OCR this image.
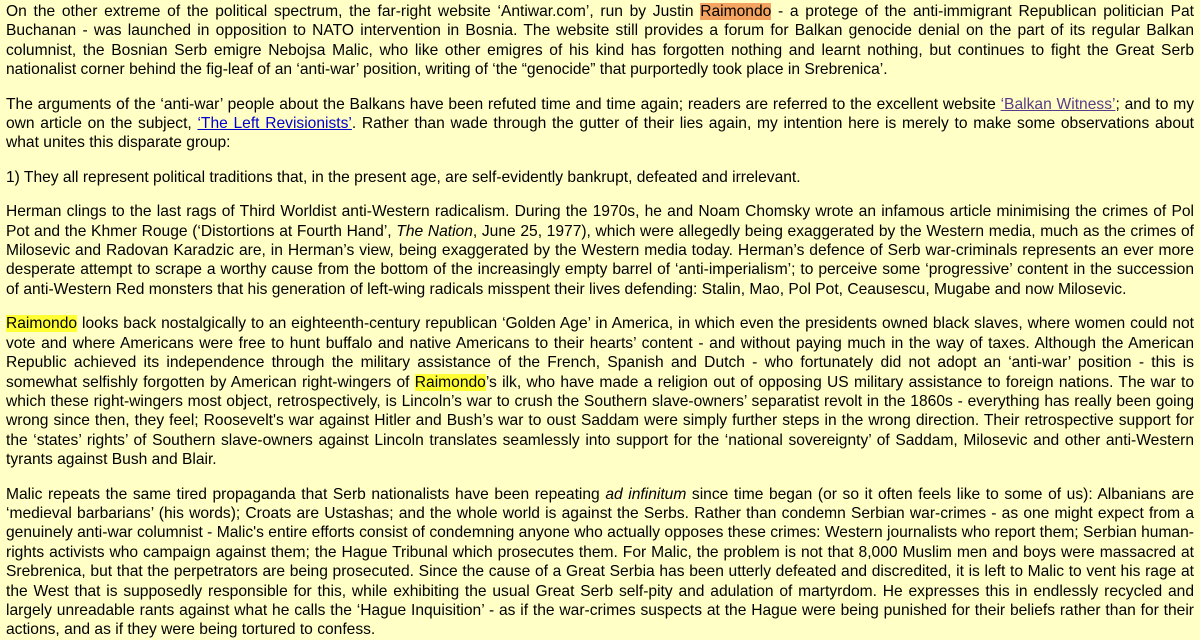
On the other extreme of the political spectrum, the far-right website ‘Antiwar.com’, run by Justin Raimondo - a protege of the anti-immigrant Republican politician Pat Buchanan - was launched in opposition to NATO intervention in Bosnia. The website still provides a forum for Balkan genocide denial on the part of its regular Balkan columnist, the Bosnian Serb emigre Nebojsa Malic, who like other emigres of his kind has forgotten nothing and learnt nothing, but continues to fight the Great Serb nationalist corner behind the fig-leaf of an ‘anti-war’ position, writing of ‘the “genocide” that purportedly took place in Srebrenica’.

The arguments of the ‘anti-war’ people about the Balkans have been refuted time and time again; readers are referred to the excellent website ‘Balkan Witness’; and to my own article on the subject, ‘The Left Revisionists’. Rather than wade through the gutter of their lies again, my intention here is merely to make some observations about what unites this disparate group:

1) They all represent political traditions that, in the present age, are self-evidently bankrupt, defeated and irrelevant.

Herman clings to the last rags of Third Worldist anti-Western radicalism. During the 1970s, he and Noam Chomsky wrote an infamous article minimising the crimes of Pol Pot and the Khmer Rouge (‘Distortions at Fourth Hand’, The Nation, June 25, 1977), which were allegedly being exaggerated by the Western media, much as the crimes of Milosevic and Radovan Karadzic are, in Herman’s view, being exaggerated by the Western media today. Herman’s defence of Serb war-criminals represents an ever more desperate attempt to scrape a worthy cause from the bottom of the increasingly empty barrel of ‘anti-imperialism’; to perceive some ‘progressive’ content in the succession of anti-Western Red monsters that his generation of left-wing radicals misspent their lives defending: Stalin, Mao, Pol Pot, Ceausescu, Mugabe and now Milosevic.

Raimondo looks back nostalgically to an eighteenth-century republican ‘Golden Age’ in America, in which even the presidents owned black slaves, where women could not vote and where Americans were free to hunt buffalo and native Americans to their hearts’ content - and without paying much in the way of taxes. Although the American Republic achieved its independence through the military assistance of the French, Spanish and Dutch - who fortunately did not adopt an ‘anti-war’ position - this is somewhat selfishly forgotten by American right-wingers of Raimondo’s ilk, who have made a religion out of opposing US military assistance to foreign nations. The war to which these right-wingers most object, retrospectively, is Lincoln’s war to crush the Southern slave-owners’ separatist revolt in the 1860s - everything has really been going wrong since then, they feel; Roosevelt's war against Hitler and Bush’s war to oust Saddam were simply further steps in the wrong direction. Their retrospective support for the ‘states’ rights’ of Southern slave-owners against Lincoln translates seamlessly into support for the ‘national sovereignty’ of Saddam, Milosevic and other anti-Western tyrants against Bush and Blair.

Malic repeats the same tired propaganda that Serb nationalists have been repeating ad infinitum since time began (or so it often feels like to some of us): Albanians are ‘medieval barbarians’ (his words); Croats are Ustashas; and the whole world is against the Serbs. Rather than condemn Serbian war-crimes - as one might expect from a genuinely anti-war columnist - Malic's entire efforts consist of condemning anyone who actually opposes these crimes: Western journalists who report them; Serbian human-rights activists who campaign against them; the Hague Tribunal which prosecutes them. For Malic, the problem is not that 8,000 Muslim men and boys were massacred at Srebrenica, but that the perpetrators are being prosecuted. Since the cause of a Great Serbia has been utterly defeated and discredited, it is left to Malic to vent his rage at the West that is supposedly responsible for this, while exhibiting the usual Great Serb self-pity and adulation of martyrdom. He expresses this in endlessly recycled and largely unreadable rants against what he calls the ‘Hague Inquisition’ - as if the war-crimes suspects at the Hague were being punished for their beliefs rather than for their actions, and as if they were being tortured to confess.
